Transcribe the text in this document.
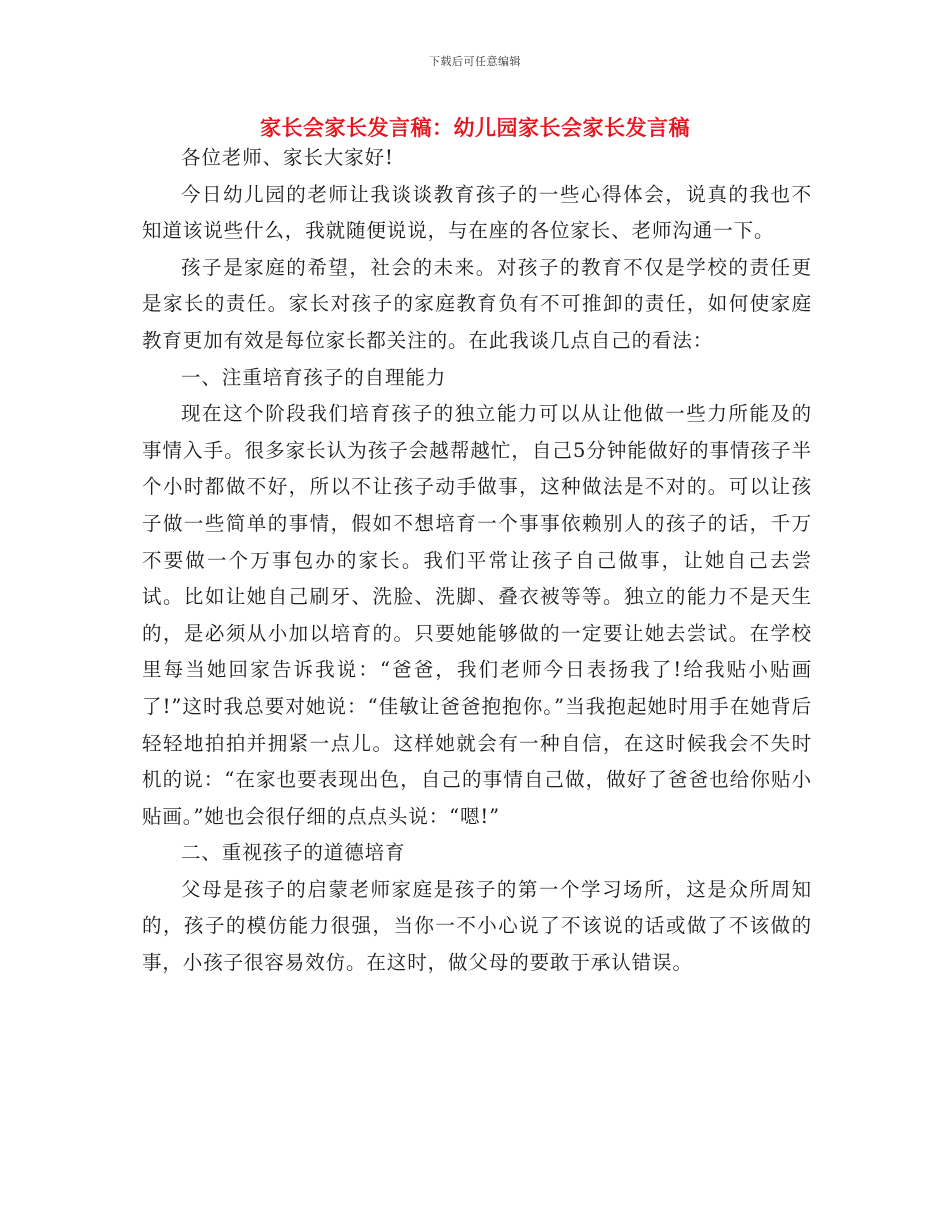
下载后可任意编辑
家长会家长发言稿：幼儿园家长会家长发言稿

各位老师、家长大家好!

今日幼儿园的老师让我谈谈教育孩子的一些心得体会，说真的我也不知道该说些什么，我就随便说说，与在座的各位家长、老师沟通一下。

孩子是家庭的希望，社会的未来。对孩子的教育不仅是学校的责任更是家长的责任。家长对孩子的家庭教育负有不可推卸的责任，如何使家庭教育更加有效是每位家长都关注的。在此我谈几点自己的看法：

一、注重培育孩子的自理能力

现在这个阶段我们培育孩子的独立能力可以从让他做一些力所能及的事情入手。很多家长认为孩子会越帮越忙，自己5分钟能做好的事情孩子半个小时都做不好，所以不让孩子动手做事，这种做法是不对的。可以让孩子做一些简单的事情，假如不想培育一个事事依赖别人的孩子的话，千万不要做一个万事包办的家长。我们平常让孩子自己做事，让她自己去尝试。比如让她自己刷牙、洗脸、洗脚、叠衣被等等。独立的能力不是天生的，是必须从小加以培育的。只要她能够做的一定要让她去尝试。在学校里每当她回家告诉我说：“爸爸，我们老师今日表扬我了!给我贴小贴画了!”这时我总要对她说：“佳敏让爸爸抱抱你。”当我抱起她时用手在她背后轻轻地拍拍并拥紧一点儿。这样她就会有一种自信，在这时候我会不失时机的说：“在家也要表现出色，自己的事情自己做，做好了爸爸也给你贴小贴画。”她也会很仔细的点点头说：“嗯!”

二、重视孩子的道德培育

父母是孩子的启蒙老师家庭是孩子的第一个学习场所，这是众所周知的，孩子的模仿能力很强，当你一不小心说了不该说的话或做了不该做的事，小孩子很容易效仿。在这时，做父母的要敢于承认错误。
